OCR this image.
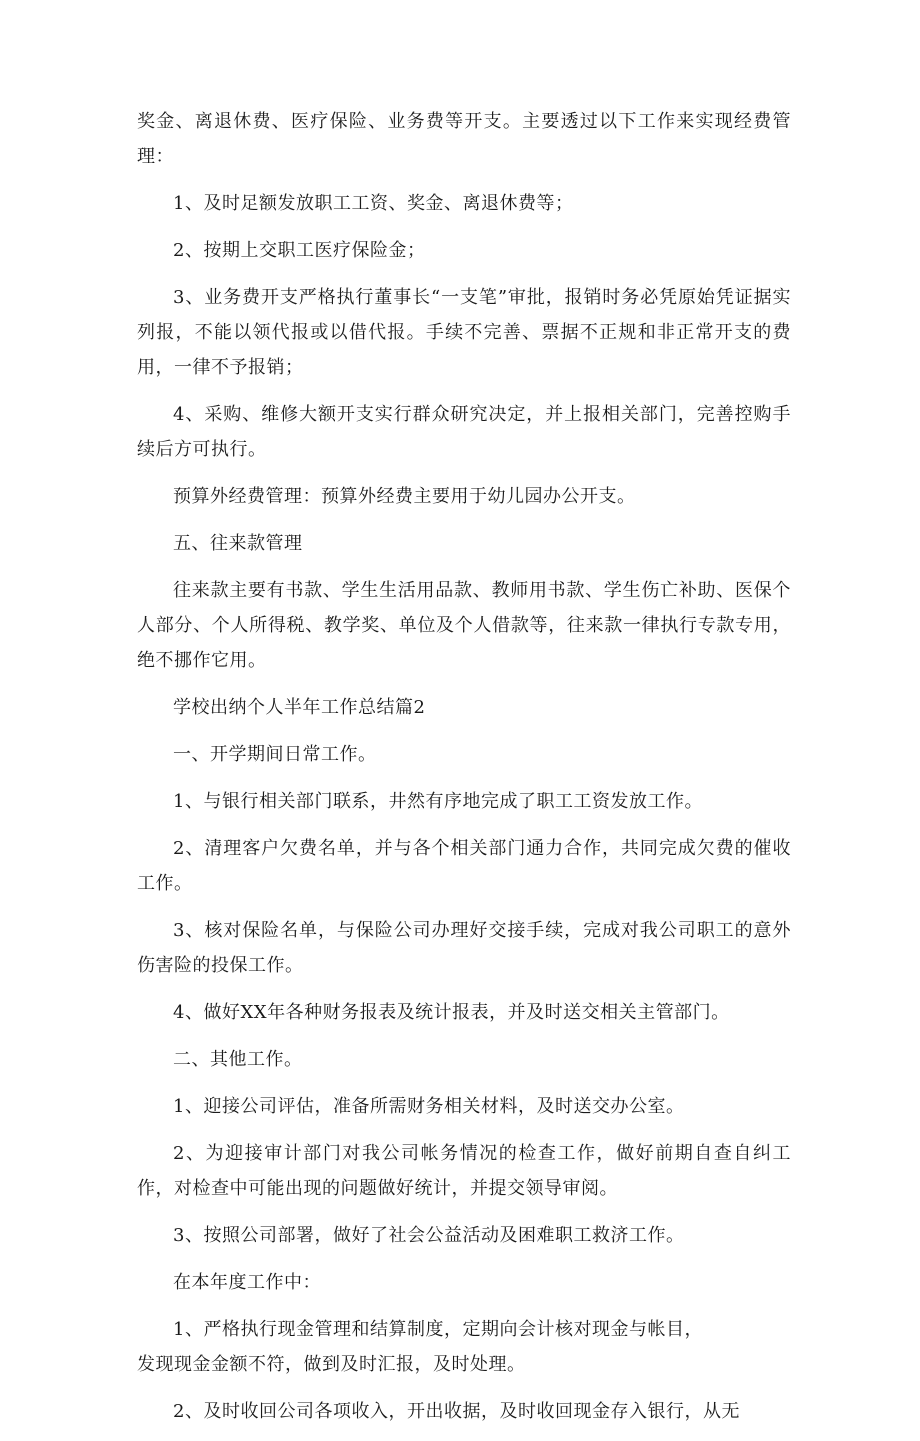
奖金、离退休费、医疗保险、业务费等开支。主要透过以下工作来实现经费管理：

1、及时足额发放职工工资、奖金、离退休费等；

2、按期上交职工医疗保险金；

3、业务费开支严格执行董事长“一支笔”审批，报销时务必凭原始凭证据实列报，不能以领代报或以借代报。手续不完善、票据不正规和非正常开支的费用，一律不予报销；

4、采购、维修大额开支实行群众研究决定，并上报相关部门，完善控购手续后方可执行。

预算外经费管理：预算外经费主要用于幼儿园办公开支。

五、往来款管理

往来款主要有书款、学生生活用品款、教师用书款、学生伤亡补助、医保个人部分、个人所得税、教学奖、单位及个人借款等，往来款一律执行专款专用，绝不挪作它用。

学校出纳个人半年工作总结篇2

一、开学期间日常工作。

1、与银行相关部门联系，井然有序地完成了职工工资发放工作。

2、清理客户欠费名单，并与各个相关部门通力合作，共同完成欠费的催收工作。

3、核对保险名单，与保险公司办理好交接手续，完成对我公司职工的意外伤害险的投保工作。

4、做好XX年各种财务报表及统计报表，并及时送交相关主管部门。

二、其他工作。

1、迎接公司评估，准备所需财务相关材料，及时送交办公室。

2、为迎接审计部门对我公司帐务情况的检查工作，做好前期自查自纠工作，对检查中可能出现的问题做好统计，并提交领导审阅。

3、按照公司部署，做好了社会公益活动及困难职工救济工作。

在本年度工作中：

1、严格执行现金管理和结算制度，定期向会计核对现金与帐目，
发现现金金额不符，做到及时汇报，及时处理。

2、及时收回公司各项收入，开出收据，及时收回现金存入银行，从无
